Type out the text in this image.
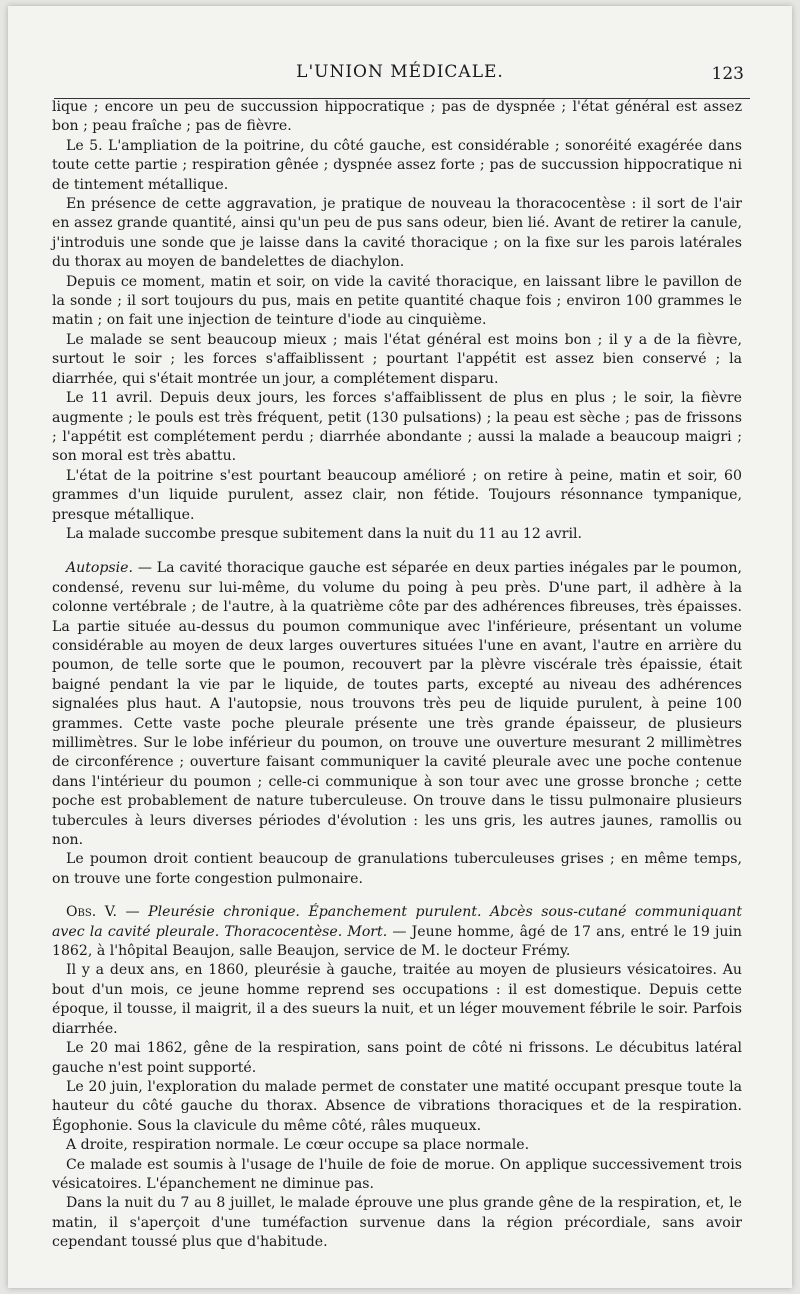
L'UNION MÉDICALE.	123

lique ; encore un peu de succussion hippocratique ; pas de dyspnée ; l'état général est assez bon ; peau fraîche ; pas de fièvre.

Le 5. L'ampliation de la poitrine, du côté gauche, est considérable ; sonoréité exagérée dans toute cette partie ; respiration gênée ; dyspnée assez forte ; pas de succussion hippocratique ni de tintement métallique.

En présence de cette aggravation, je pratique de nouveau la thoracocentèse : il sort de l'air en assez grande quantité, ainsi qu'un peu de pus sans odeur, bien lié. Avant de retirer la canule, j'introduis une sonde que je laisse dans la cavité thoracique ; on la fixe sur les parois latérales du thorax au moyen de bandelettes de diachylon.

Depuis ce moment, matin et soir, on vide la cavité thoracique, en laissant libre le pavillon de la sonde ; il sort toujours du pus, mais en petite quantité chaque fois ; environ 100 grammes le matin ; on fait une injection de teinture d'iode au cinquième.

Le malade se sent beaucoup mieux ; mais l'état général est moins bon ; il y a de la fièvre, surtout le soir ; les forces s'affaiblissent ; pourtant l'appétit est assez bien conservé ; la diarrhée, qui s'était montrée un jour, a complétement disparu.

Le 11 avril. Depuis deux jours, les forces s'affaiblissent de plus en plus ; le soir, la fièvre augmente ; le pouls est très fréquent, petit (130 pulsations) ; la peau est sèche ; pas de frissons ; l'appétit est complétement perdu ; diarrhée abondante ; aussi la malade a beaucoup maigri ; son moral est très abattu.

L'état de la poitrine s'est pourtant beaucoup amélioré ; on retire à peine, matin et soir, 60 grammes d'un liquide purulent, assez clair, non fétide. Toujours résonnance tympanique, presque métallique.

La malade succombe presque subitement dans la nuit du 11 au 12 avril.

Autopsie. — La cavité thoracique gauche est séparée en deux parties inégales par le poumon, condensé, revenu sur lui-même, du volume du poing à peu près. D'une part, il adhère à la colonne vertébrale ; de l'autre, à la quatrième côte par des adhérences fibreuses, très épaisses. La partie située au-dessus du poumon communique avec l'inférieure, présentant un volume considérable au moyen de deux larges ouvertures situées l'une en avant, l'autre en arrière du poumon, de telle sorte que le poumon, recouvert par la plèvre viscérale très épaissie, était baigné pendant la vie par le liquide, de toutes parts, excepté au niveau des adhérences signalées plus haut. A l'autopsie, nous trouvons très peu de liquide purulent, à peine 100 grammes. Cette vaste poche pleurale présente une très grande épaisseur, de plusieurs millimètres. Sur le lobe inférieur du poumon, on trouve une ouverture mesurant 2 millimètres de circonférence ; ouverture faisant communiquer la cavité pleurale avec une poche contenue dans l'intérieur du poumon ; celle-ci communique à son tour avec une grosse bronche ; cette poche est probablement de nature tuberculeuse. On trouve dans le tissu pulmonaire plusieurs tubercules à leurs diverses périodes d'évolution : les uns gris, les autres jaunes, ramollis ou non.

Le poumon droit contient beaucoup de granulations tuberculeuses grises ; en même temps, on trouve une forte congestion pulmonaire.

Obs. V. — Pleurésie chronique. Épanchement purulent. Abcès sous-cutané communiquant avec la cavité pleurale. Thoracocentèse. Mort. — Jeune homme, âgé de 17 ans, entré le 19 juin 1862, à l'hôpital Beaujon, salle Beaujon, service de M. le docteur Frémy.

Il y a deux ans, en 1860, pleurésie à gauche, traitée au moyen de plusieurs vésicatoires. Au bout d'un mois, ce jeune homme reprend ses occupations : il est domestique. Depuis cette époque, il tousse, il maigrit, il a des sueurs la nuit, et un léger mouvement fébrile le soir. Parfois diarrhée.

Le 20 mai 1862, gêne de la respiration, sans point de côté ni frissons. Le décubitus latéral gauche n'est point supporté.

Le 20 juin, l'exploration du malade permet de constater une matité occupant presque toute la hauteur du côté gauche du thorax. Absence de vibrations thoraciques et de la respiration. Égophonie. Sous la clavicule du même côté, râles muqueux.

A droite, respiration normale. Le cœur occupe sa place normale.

Ce malade est soumis à l'usage de l'huile de foie de morue. On applique successivement trois vésicatoires. L'épanchement ne diminue pas.

Dans la nuit du 7 au 8 juillet, le malade éprouve une plus grande gêne de la respiration, et, le matin, il s'aperçoit d'une tuméfaction survenue dans la région précordiale, sans avoir cependant toussé plus que d'habitude.
